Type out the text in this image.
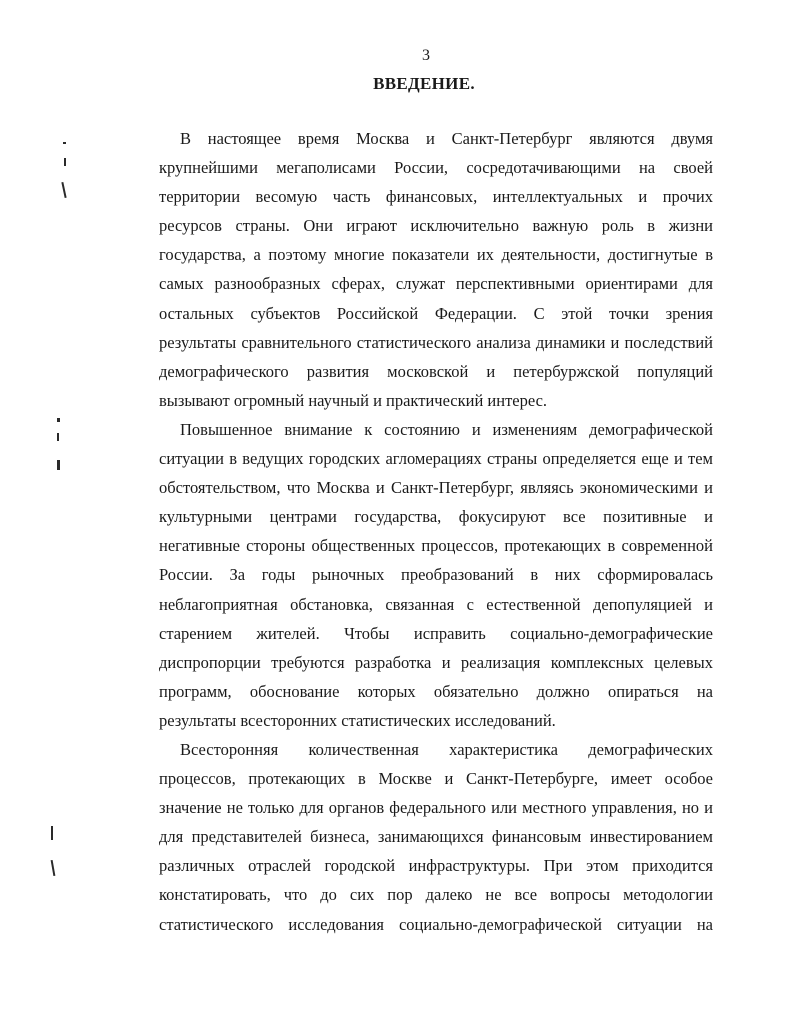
3
ВВЕДЕНИЕ.
В настоящее время Москва и Санкт-Петербург являются двумя
крупнейшими мегаполисами России, сосредотачивающими на своей
территории весомую часть финансовых, интеллектуальных и прочих
ресурсов страны. Они играют исключительно важную роль в жизни
государства, а поэтому многие показатели их деятельности, достигнутые в
самых разнообразных сферах, служат перспективными ориентирами для
остальных субъектов Российской Федерации. С этой точки зрения
результаты сравнительного статистического анализа динамики и последствий
демографического развития московской и петербуржской популяций
вызывают огромный научный и практический интерес.
Повышенное внимание к состоянию и изменениям демографической
ситуации в ведущих городских агломерациях страны определяется еще и тем
обстоятельством, что Москва и Санкт-Петербург, являясь экономическими и
культурными центрами государства, фокусируют все позитивные и
негативные стороны общественных процессов, протекающих в современной
России. За годы рыночных преобразований в них сформировалась
неблагоприятная обстановка, связанная с естественной депопуляцией и
старением жителей. Чтобы исправить социально-демографические
диспропорции требуются разработка и реализация комплексных целевых
программ, обоснование которых обязательно должно опираться на
результаты всесторонних статистических исследований.
Всесторонняя количественная характеристика демографических
процессов, протекающих в Москве и Санкт-Петербурге, имеет особое
значение не только для органов федерального или местного управления, но и
для представителей бизнеса, занимающихся финансовым инвестированием
различных отраслей городской инфраструктуры. При этом приходится
констатировать, что до сих пор далеко не все вопросы методологии
статистического исследования социально-демографической ситуации на
